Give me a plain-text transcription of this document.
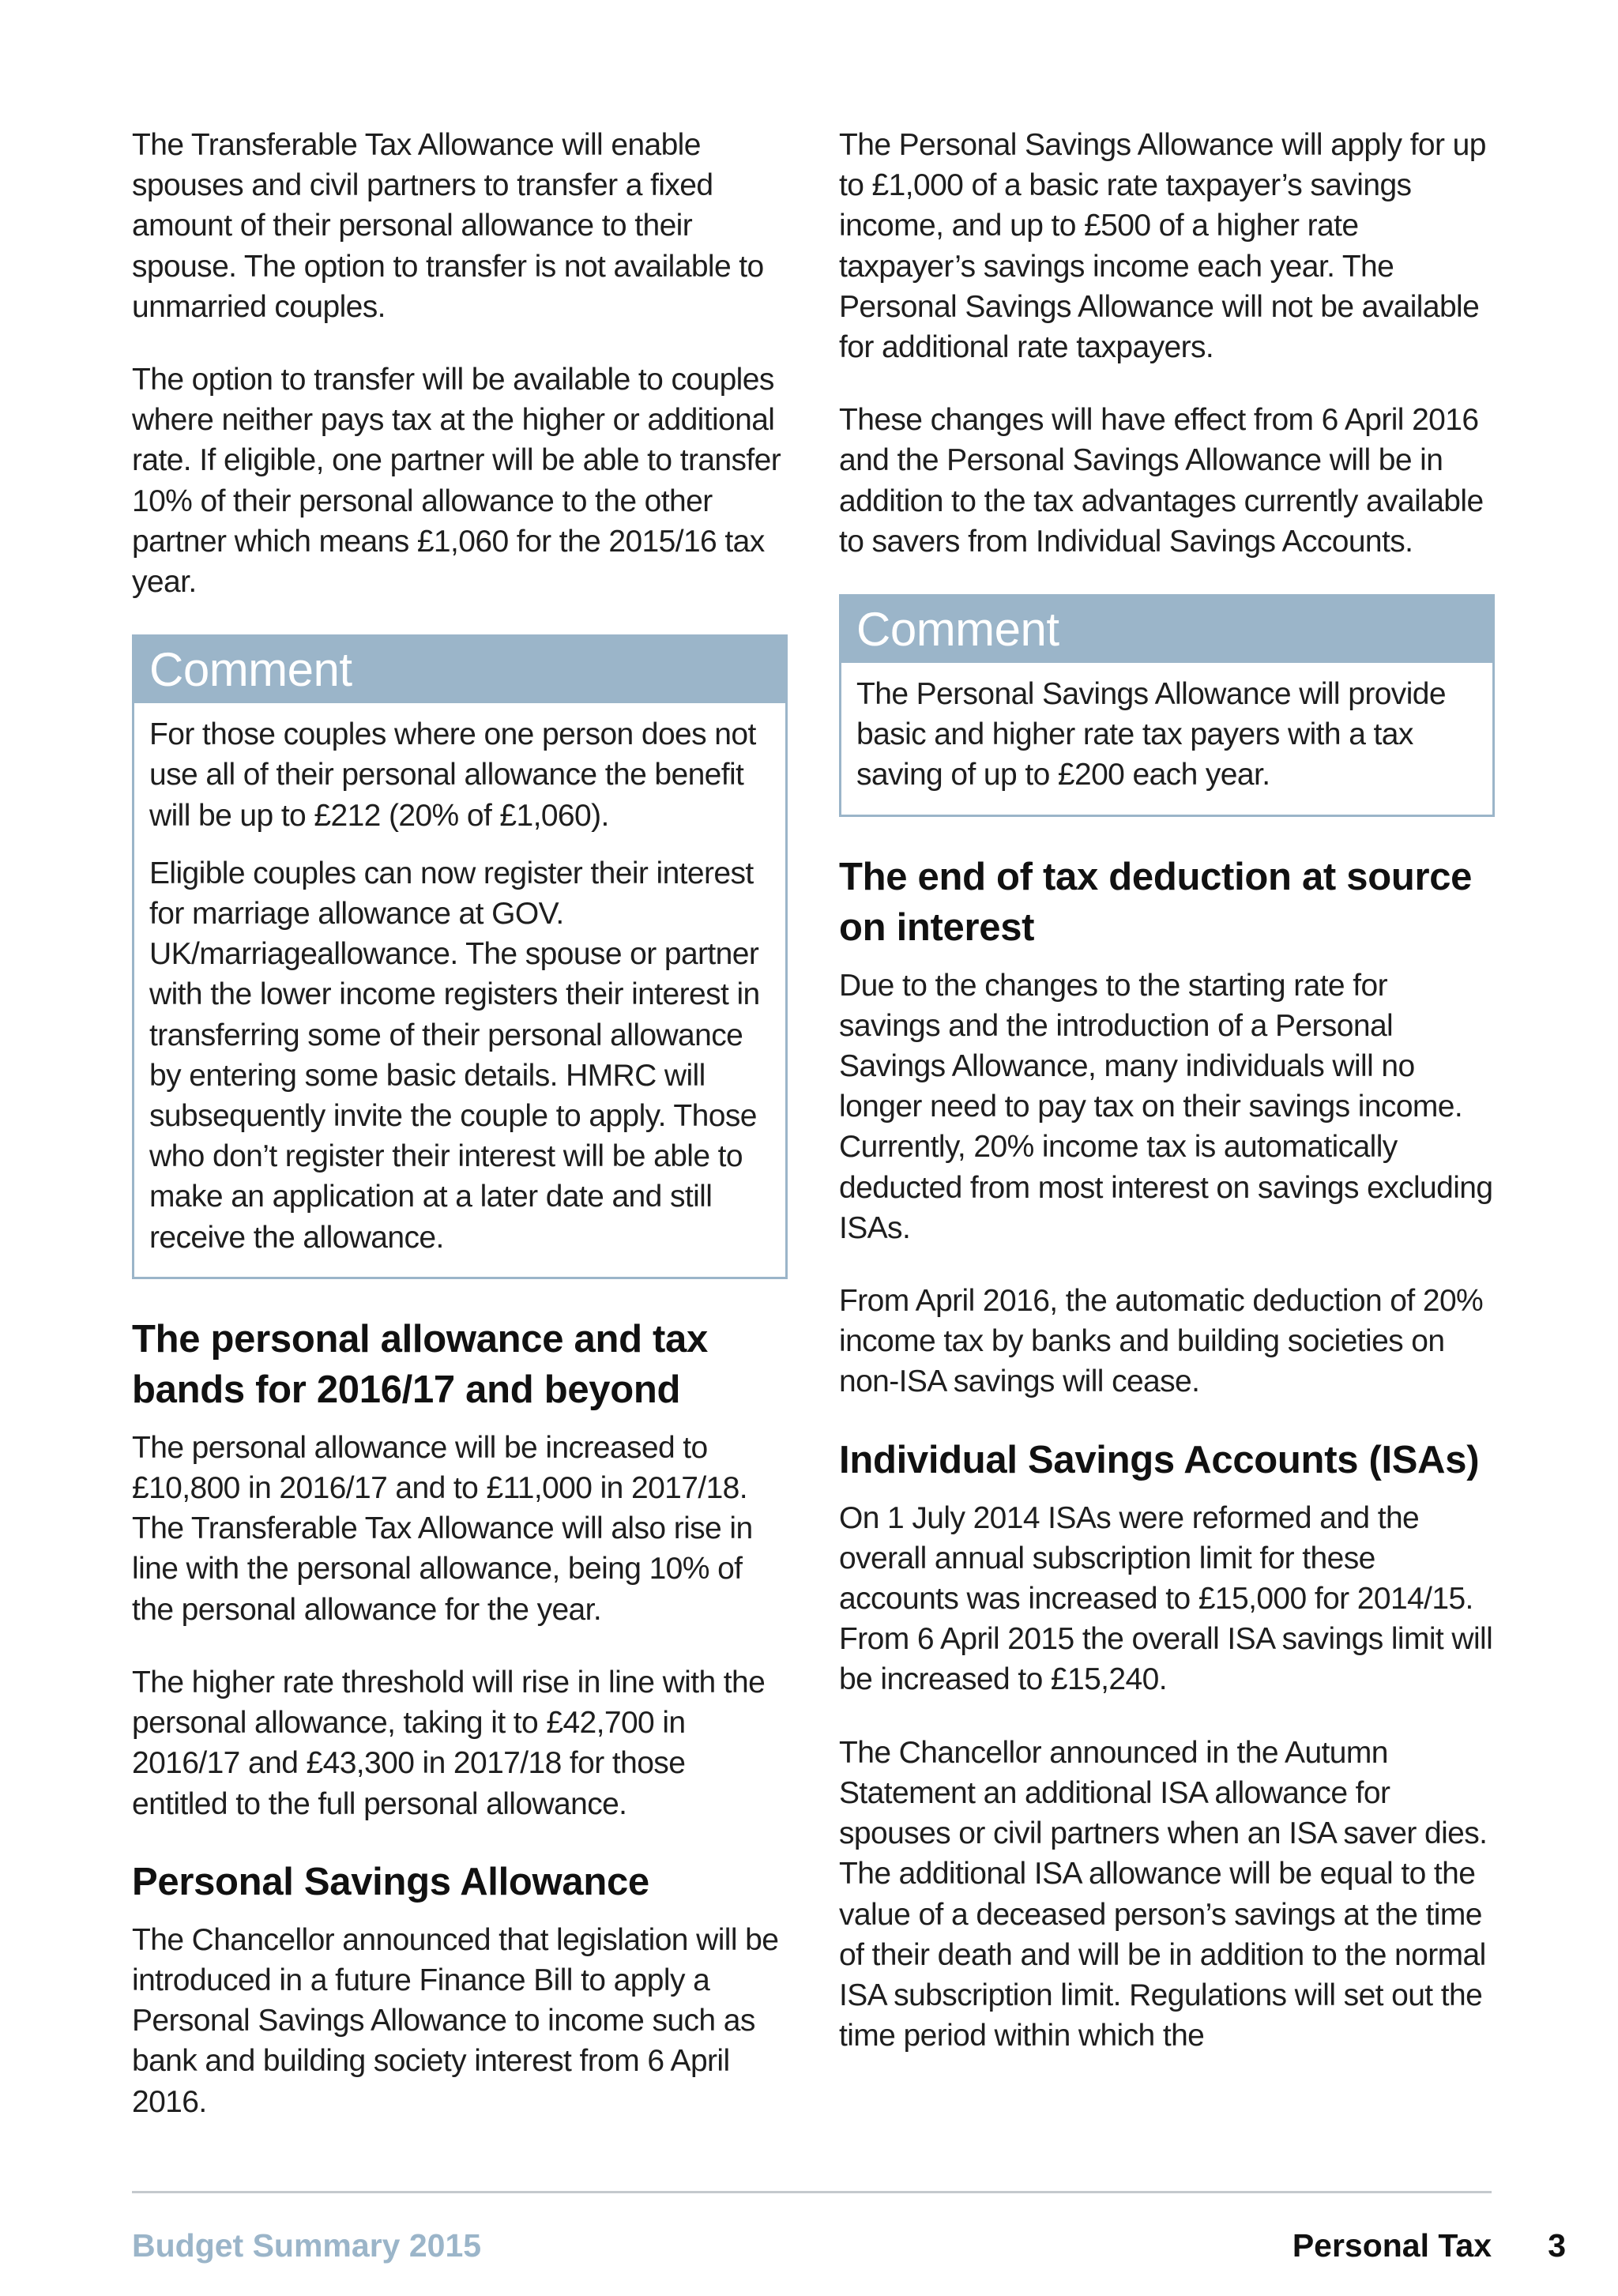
The Transferable Tax Allowance will enable spouses and civil partners to transfer a fixed amount of their personal allowance to their spouse. The option to transfer is not available to unmarried couples.

The option to transfer will be available to couples where neither pays tax at the higher or additional rate. If eligible, one partner will be able to transfer 10% of their personal allowance to the other partner which means £1,060 for the 2015/16 tax year.

Comment

For those couples where one person does not use all of their personal allowance the benefit will be up to £212 (20% of £1,060).

Eligible couples can now register their interest for marriage allowance at GOV. UK/marriageallowance. The spouse or partner with the lower income registers their interest in transferring some of their personal allowance by entering some basic details. HMRC will subsequently invite the couple to apply. Those who don’t register their interest will be able to make an application at a later date and still receive the allowance.

The personal allowance and tax bands for 2016/17 and beyond

The personal allowance will be increased to £10,800 in 2016/17 and to £11,000 in 2017/18. The Transferable Tax Allowance will also rise in line with the personal allowance, being 10% of the personal allowance for the year.

The higher rate threshold will rise in line with the personal allowance, taking it to £42,700 in 2016/17 and £43,300 in 2017/18 for those entitled to the full personal allowance.

Personal Savings Allowance

The Chancellor announced that legislation will be introduced in a future Finance Bill to apply a Personal Savings Allowance to income such as bank and building society interest from 6 April 2016.

The Personal Savings Allowance will apply for up to £1,000 of a basic rate taxpayer’s savings income, and up to £500 of a higher rate taxpayer’s savings income each year. The Personal Savings Allowance will not be available for additional rate taxpayers.

These changes will have effect from 6 April 2016 and the Personal Savings Allowance will be in addition to the tax advantages currently available to savers from Individual Savings Accounts.

Comment

The Personal Savings Allowance will provide basic and higher rate tax payers with a tax saving of up to £200 each year.

The end of tax deduction at source on interest

Due to the changes to the starting rate for savings and the introduction of a Personal Savings Allowance, many individuals will no longer need to pay tax on their savings income. Currently, 20% income tax is automatically deducted from most interest on savings excluding ISAs.

From April 2016, the automatic deduction of 20% income tax by banks and building societies on non-ISA savings will cease.

Individual Savings Accounts (ISAs)

On 1 July 2014 ISAs were reformed and the overall annual subscription limit for these accounts was increased to £15,000 for 2014/15. From 6 April 2015 the overall ISA savings limit will be increased to £15,240.

The Chancellor announced in the Autumn Statement an additional ISA allowance for spouses or civil partners when an ISA saver dies. The additional ISA allowance will be equal to the value of a deceased person’s savings at the time of their death and will be in addition to the normal ISA subscription limit. Regulations will set out the time period within which the

Budget Summary 2015	Personal Tax 3
